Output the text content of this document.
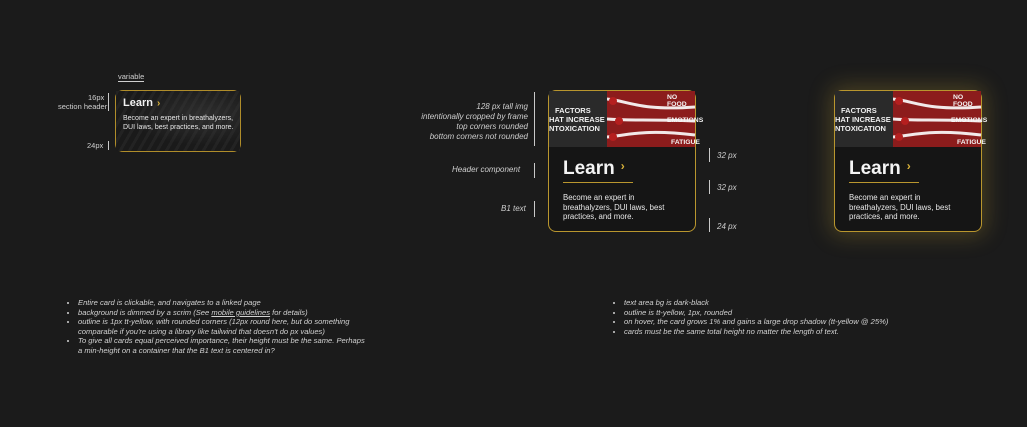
variable
16px
section header
24px
Learn ›
Become an expert in breathalyzers, DUI laws, best practices, and more.
128 px tall img
intentionally cropped by frame
top corners rounded
bottom corners not rounded
Header component
B1 text
FACTORS
HAT INCREASE
NTOXICATION
NO FOOD
EMOTIONS
FATIGUE
Learn ›
Become an expert in breathalyzers, DUI laws, best practices, and more.
32 px
32 px
24 px
FACTORS
HAT INCREASE
NTOXICATION
NO FOOD
EMOTIONS
FATIGUE
Learn ›
Become an expert in breathalyzers, DUI laws, best practices, and more.
• Entire card is clickable, and navigates to a linked page
• background is dimmed by a scrim (See mobile guidelines for details)
• outline is 1px tt-yellow, with rounded corners (12px round here, but do something comparable if you're using a library like tailwind that doesn't do px values)
• To give all cards equal perceived importance, their height must be the same. Perhaps a min-height on a container that the B1 text is centered in?
• text area bg is dark-black
• outline is tt-yellow, 1px, rounded
• on hover, the card grows 1% and gains a large drop shadow (tt-yellow @ 25%)
• cards must be the same total height no matter the length of text.
